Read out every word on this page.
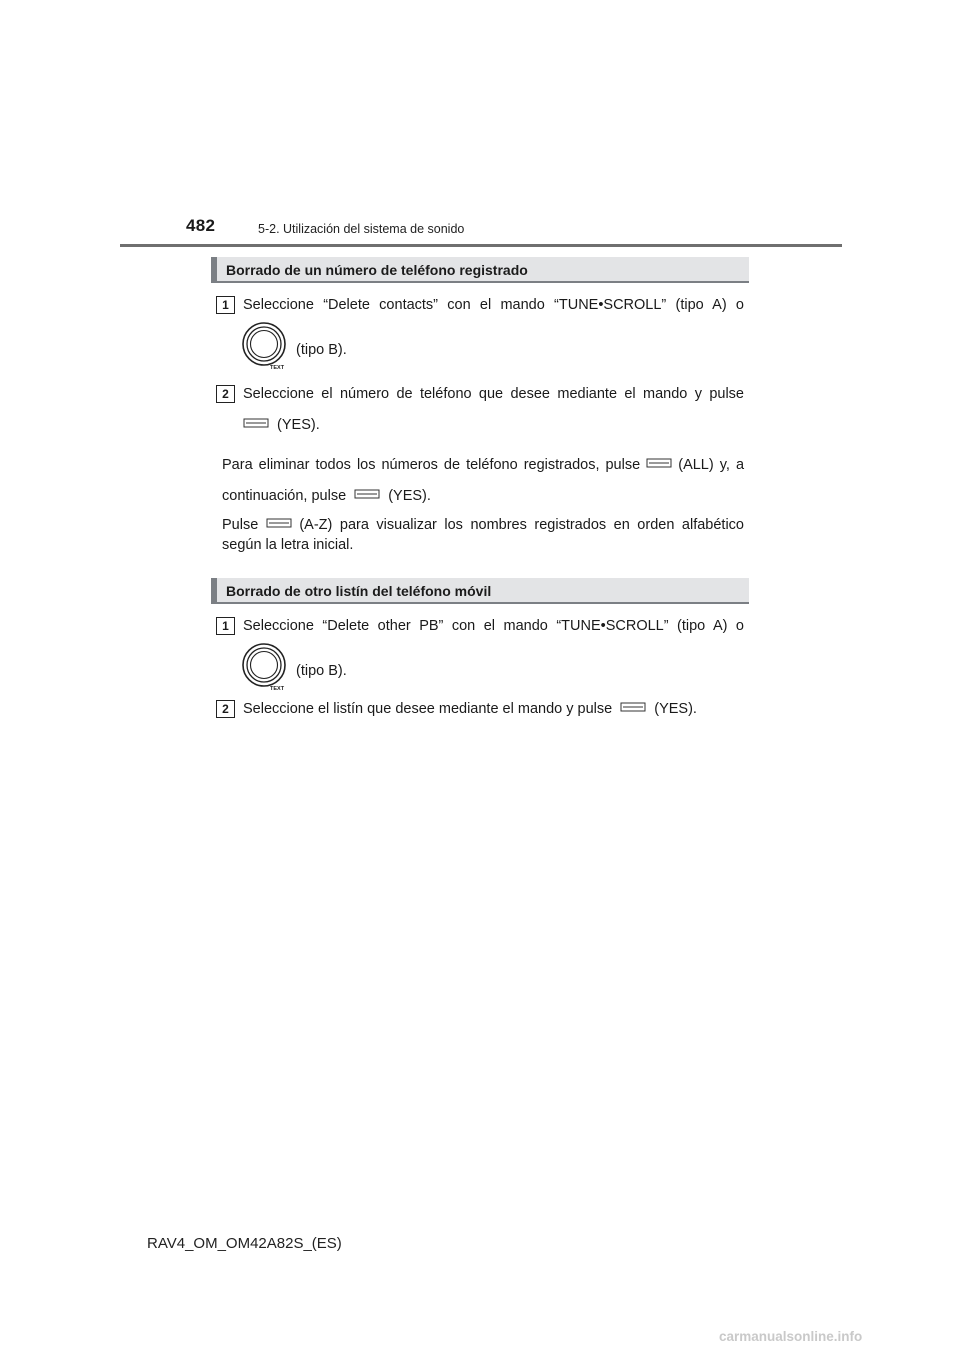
482	5-2. Utilización del sistema de sonido
Borrado de un número de teléfono registrado
1 Seleccione “Delete contacts” con el mando “TUNE•SCROLL” (tipo A) o
TEXT
(tipo B).
2 Seleccione el número de teléfono que desee mediante el mando y pulse
(YES).
Para eliminar todos los números de teléfono registrados, pulse	(ALL) y, a
continuación, pulse	(YES).
Pulse	(A-Z) para visualizar los nombres registrados en orden alfabético
según la letra inicial.
Borrado de otro listín del teléfono móvil
1 Seleccione “Delete other PB” con el mando “TUNE•SCROLL” (tipo A) o
TEXT
(tipo B).
2 Seleccione el listín que desee mediante el mando y pulse	(YES).
RAV4_OM_OM42A82S_(ES)
carmanualsonline.info
